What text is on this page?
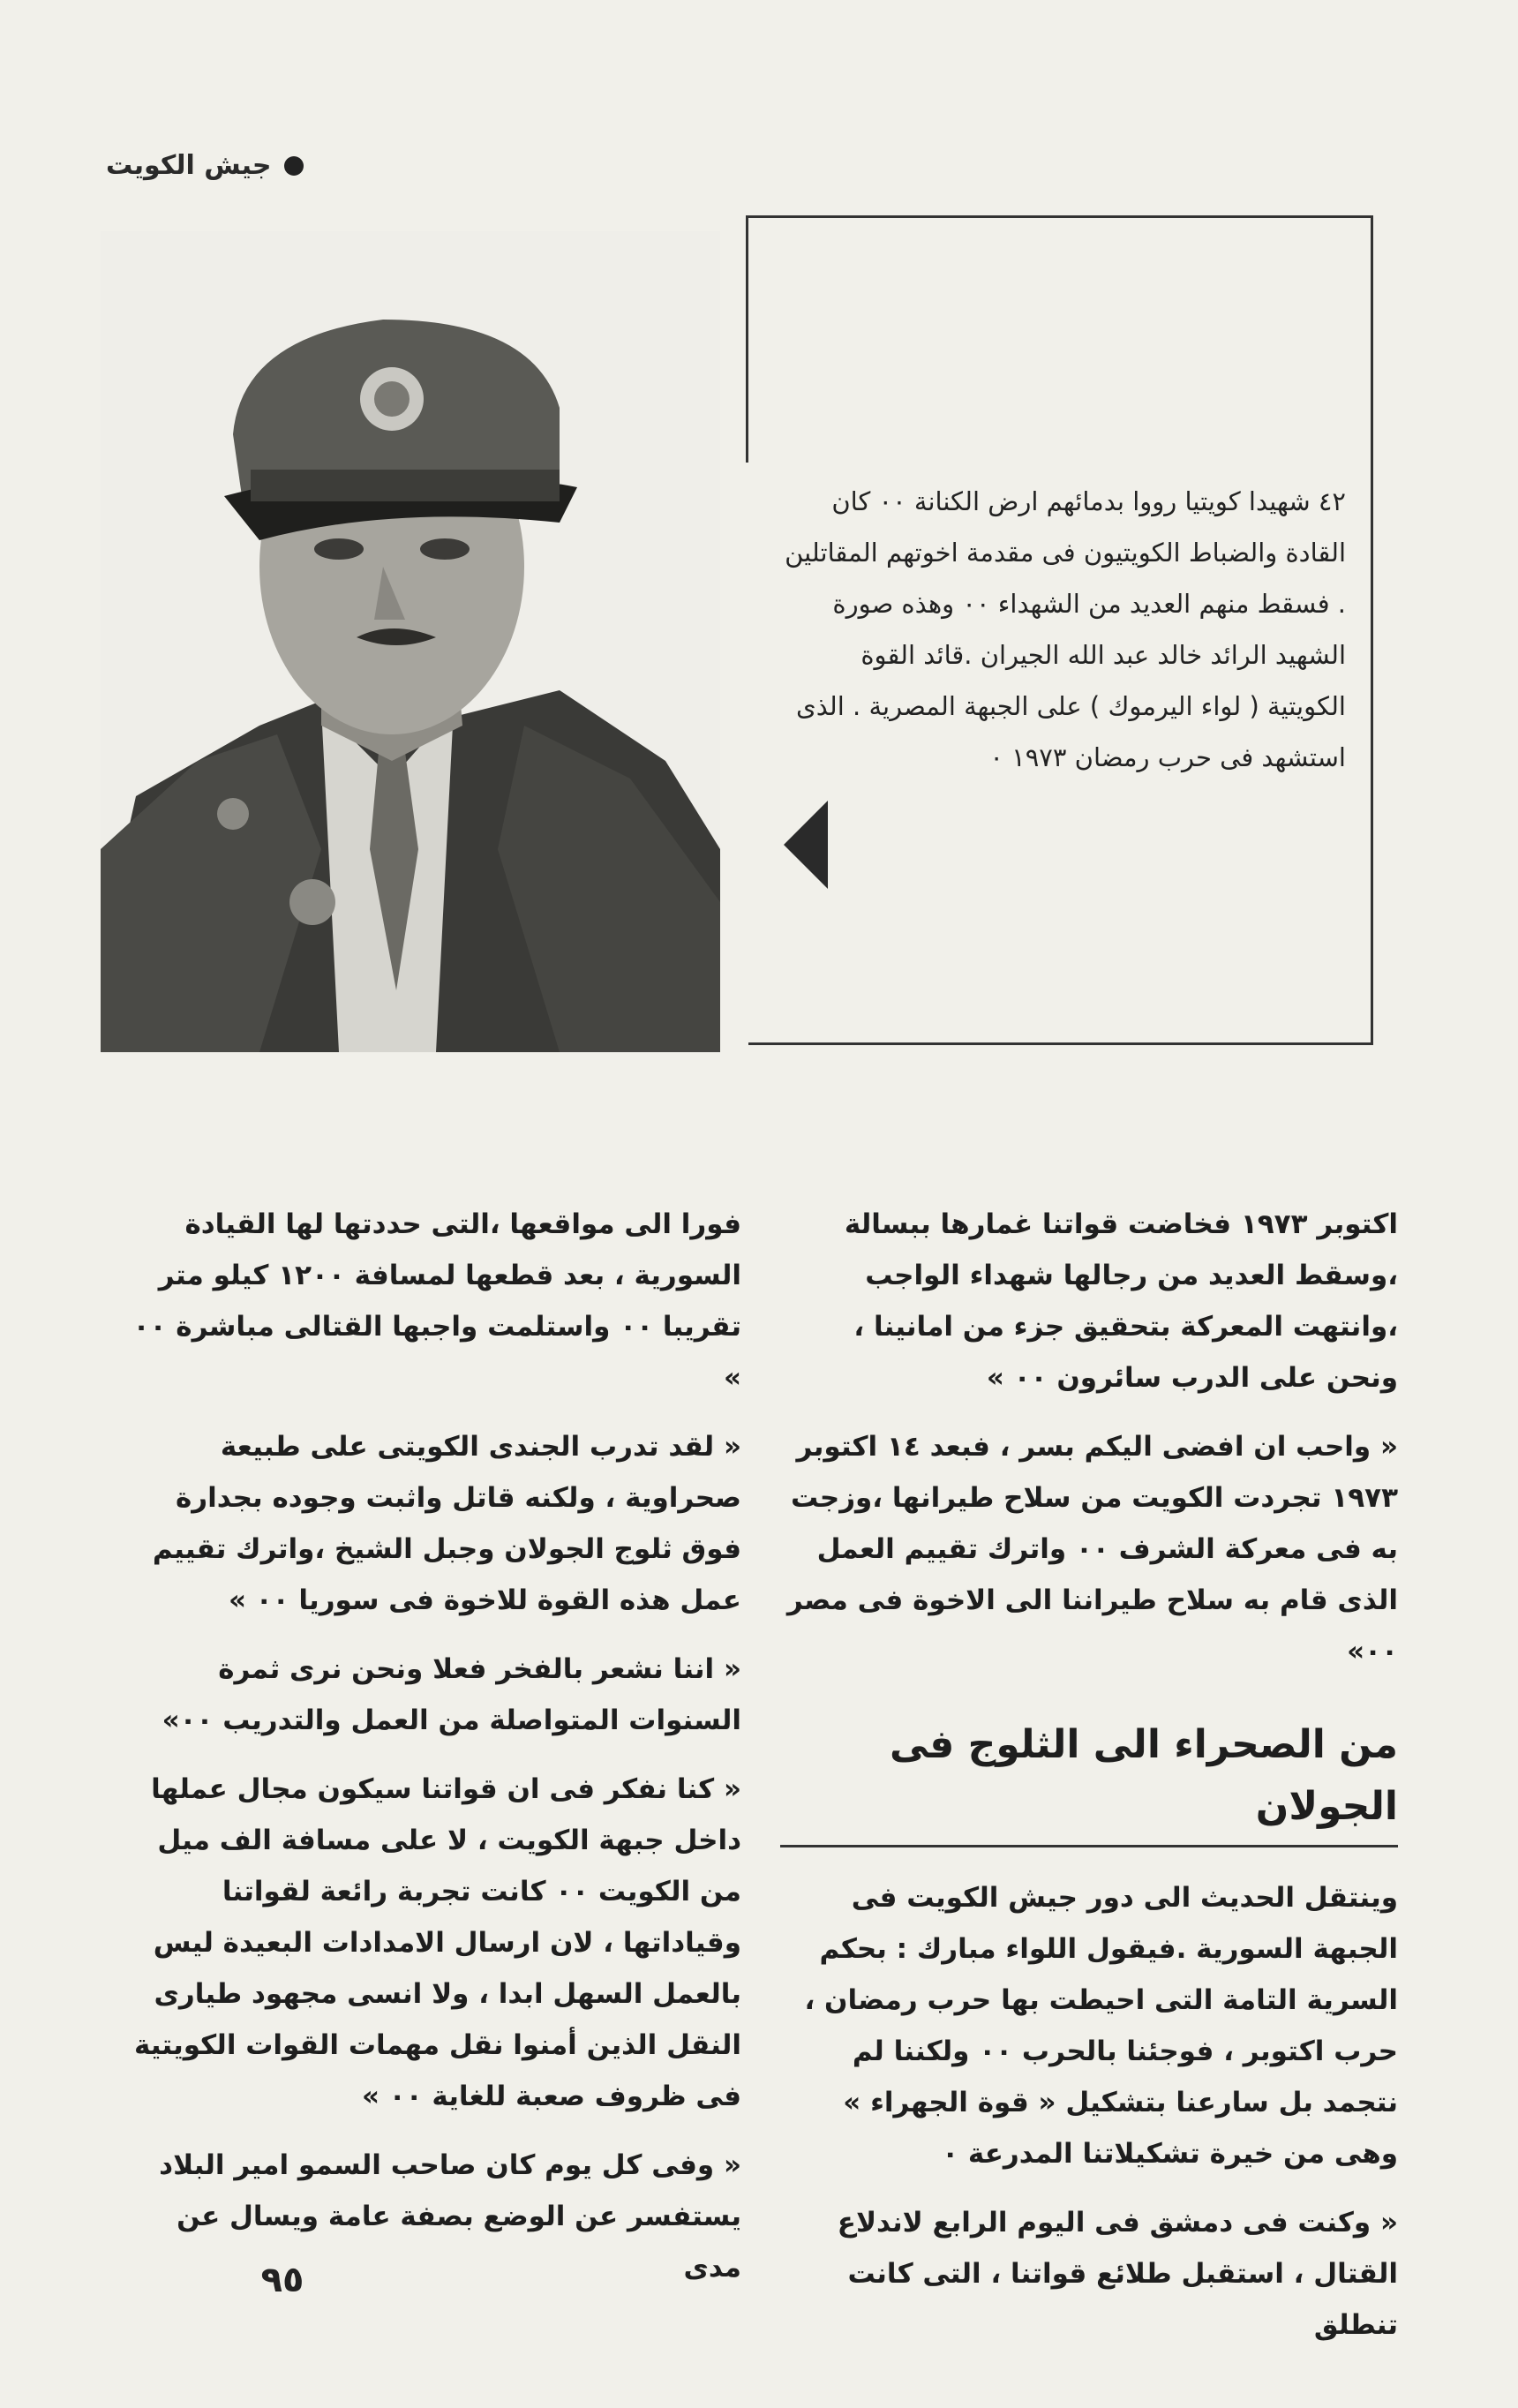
جيش الكويت
٤٢ شهيدا كويتيا رووا بدمائهم ارض الكنانة ٠٠ كان القادة والضباط الكويتيون فى مقدمة اخوتهم المقاتلين . فسقط منهم العديد من الشهداء ٠٠ وهذه صورة الشهيد الرائد خالد عبد الله الجيران .قائد القوة الكويتية ( لواء اليرموك ) على الجبهة المصرية . الذى استشهد فى حرب رمضان ١٩٧٣ ٠

اكتوبر ١٩٧٣ فخاضت قواتنا غمارها ببسالة ،وسقط العديد من رجالها شهداء الواجب ،وانتهت المعركة بتحقيق جزء من امانينا ، ونحن على الدرب سائرون ٠٠ »

« واحب ان افضى اليكم بسر ، فبعد ١٤ اكتوبر ١٩٧٣ تجردت الكويت من سلاح طيرانها ،وزجت به فى معركة الشرف ٠٠ واترك تقييم العمل الذى قام به سلاح طيراننا الى الاخوة فى مصر ٠٠»

من الصحراء الى الثلوج فى الجولان

وينتقل الحديث الى دور جيش الكويت فى الجبهة السورية .فيقول اللواء مبارك : بحكم السرية التامة التى احيطت بها حرب رمضان ، حرب اكتوبر ، فوجئنا بالحرب ٠٠ ولكننا لم نتجمد بل سارعنا بتشكيل « قوة الجهراء » وهى من خيرة تشكيلاتنا المدرعة ٠

« وكنت فى دمشق فى اليوم الرابع لاندلاع القتال ، استقبل طلائع قواتنا ، التى كانت تنطلق

فورا الى مواقعها ،التى حددتها لها القيادة السورية ، بعد قطعها لمسافة ١٢٠٠ كيلو متر تقريبا ٠٠ واستلمت واجبها القتالى مباشرة ٠٠ »

« لقد تدرب الجندى الكويتى على طبيعة صحراوية ، ولكنه قاتل واثبت وجوده بجدارة فوق ثلوج الجولان وجبل الشيخ ،واترك تقييم عمل هذه القوة للاخوة فى سوريا ٠٠ »

« اننا نشعر بالفخر فعلا ونحن نرى ثمرة السنوات المتواصلة من العمل والتدريب ٠٠»

« كنا نفكر فى ان قواتنا سيكون مجال عملها داخل جبهة الكويت ، لا على مسافة الف ميل من الكويت ٠٠ كانت تجربة رائعة لقواتنا وقياداتها ، لان ارسال الامدادات البعيدة ليس بالعمل السهل ابدا ، ولا انسى مجهود طيارى النقل الذين أمنوا نقل مهمات القوات الكويتية فى ظروف صعبة للغاية ٠٠ »

« وفى كل يوم كان صاحب السمو امير البلاد يستفسر عن الوضع بصفة عامة ويسال عن مدى

٩٥
